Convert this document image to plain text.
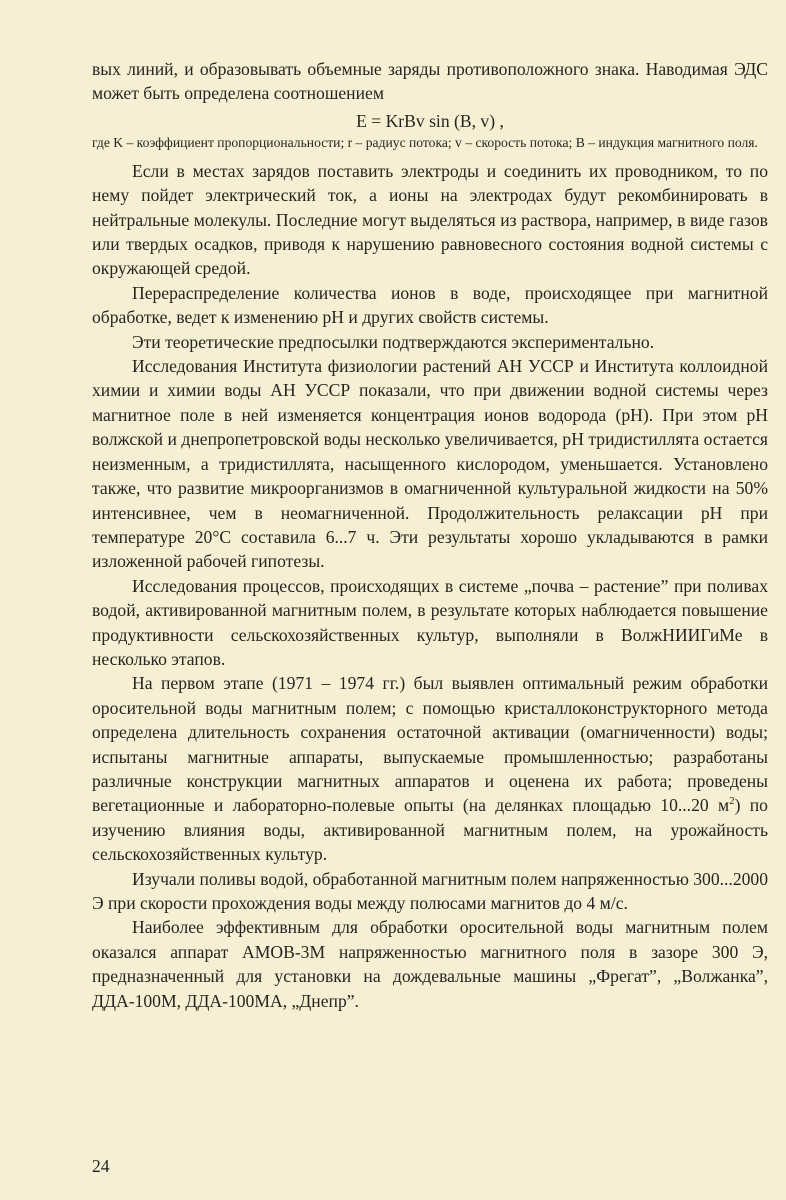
вых линий, и образовывать объемные заряды противоположного знака. Наводимая ЭДС может быть определена соотношением

E = KrBv sin (B, v) ,

где K – коэффициент пропорциональности; r – радиус потока; v – скорость потока; B – индукция магнитного поля.

Если в местах зарядов поставить электроды и соединить их проводником, то по нему пойдет электрический ток, а ионы на электродах будут рекомбинировать в нейтральные молекулы. Последние могут выделяться из раствора, например, в виде газов или твердых осадков, приводя к нарушению равновесного состояния водной системы с окружающей средой.

Перераспределение количества ионов в воде, происходящее при магнитной обработке, ведет к изменению pH и других свойств системы.

Эти теоретические предпосылки подтверждаются экспериментально.

Исследования Института физиологии растений АН УССР и Института коллоидной химии и химии воды АН УССР показали, что при движении водной системы через магнитное поле в ней изменяется концентрация ионов водорода (pH). При этом pH волжской и днепропетровской воды несколько увеличивается, pH тридистиллята остается неизменным, а тридистиллята, насыщенного кислородом, уменьшается. Установлено также, что развитие микроорганизмов в омагниченной культуральной жидкости на 50% интенсивнее, чем в неомагниченной. Продолжительность релаксации pH при температуре 20°С составила 6...7 ч. Эти результаты хорошо укладываются в рамки изложенной рабочей гипотезы.

Исследования процессов, происходящих в системе „почва – растение” при поливах водой, активированной магнитным полем, в результате которых наблюдается повышение продуктивности сельскохозяйственных культур, выполняли в ВолжНИИГиМе в несколько этапов.

На первом этапе (1971 – 1974 гг.) был выявлен оптимальный режим обработки оросительной воды магнитным полем; с помощью кристаллоконструкторного метода определена длительность сохранения остаточной активации (омагниченности) воды; испытаны магнитные аппараты, выпускаемые промышленностью; разработаны различные конструкции магнитных аппаратов и оценена их работа; проведены вегетационные и лабораторно-полевые опыты (на делянках площадью 10...20 $м^2$) по изучению влияния воды, активированной магнитным полем, на урожайность сельскохозяйственных культур.

Изучали поливы водой, обработанной магнитным полем напряженностью 300...2000 Э при скорости прохождения воды между полюсами магнитов до 4 м/с.

Наиболее эффективным для обработки оросительной воды магнитным полем оказался аппарат АМОВ-3М напряженностью магнитного поля в зазоре 300 Э, предназначенный для установки на дождевальные машины „Фрегат”, „Волжанка”, ДДА-100М, ДДА-100МА, „Днепр”.

24
